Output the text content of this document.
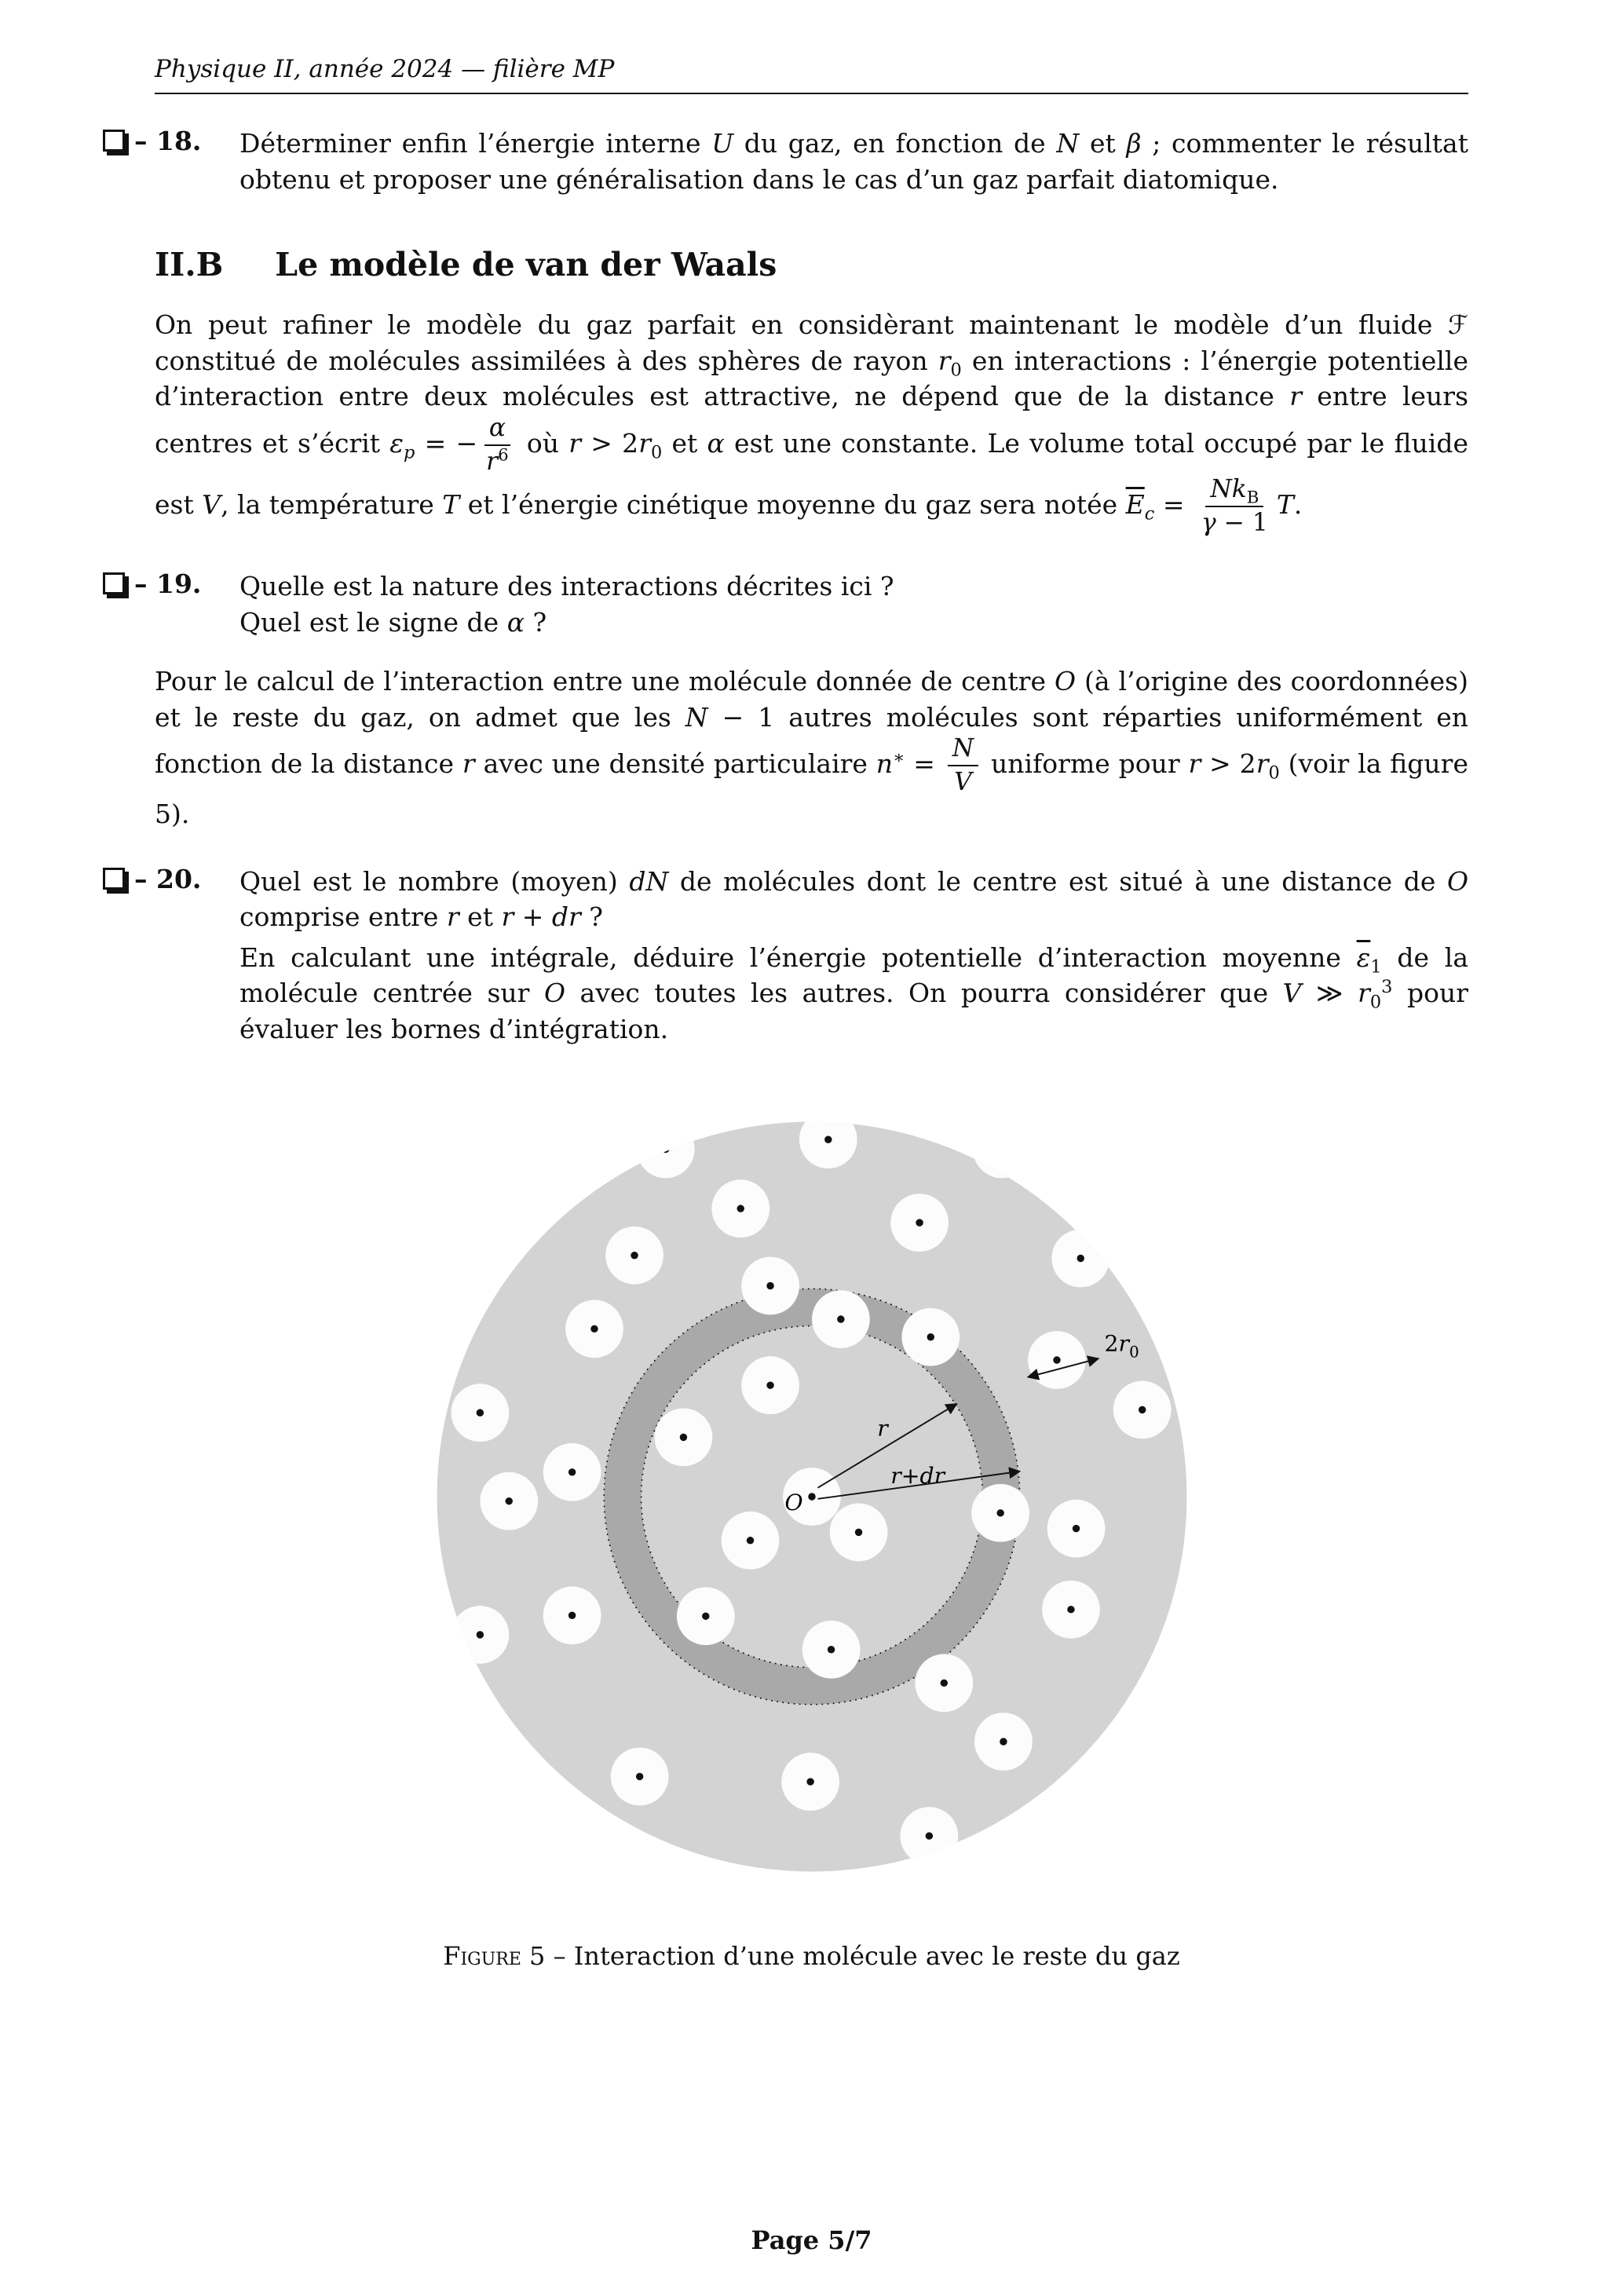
Physique II, année 2024 — filière MP
– 18.	Déterminer enfin l’énergie interne U du gaz, en fonction de N et β ; commenter le résultat obtenu et proposer une généralisation dans le cas d’un gaz parfait diatomique.
II.B Le modèle de van der Waals

On peut rafiner le modèle du gaz parfait en considèrant maintenant le modèle d’un fluide ℱ constitué de molécules assimilées à des sphères de rayon $r_0$ en interactions : l’énergie potentielle d’interaction entre deux molécules est attractive, ne dépend que de la distance r entre leurs centres et s’écrit $\varepsilon_p$ = − $\frac{\alpha}{r^6}$ où $r > 2r_0$ et α est une constante. Le volume total occupé par le fluide est V, la température T et l’énergie cinétique moyenne du gaz sera notée $\overline{E}_c = \frac{Nk_B}{\gamma - 1} T$.

– 19.	Quelle est la nature des interactions décrites ici ?
Quel est le signe de α ?

Pour le calcul de l’interaction entre une molécule donnée de centre O (à l’origine des coordonnées) et le reste du gaz, on admet que les N − 1 autres molécules sont réparties uniformément en fonction de la distance r avec une densité particulaire $n^∗ = \frac{N}{V}$ uniforme pour $r > 2r_0$ (voir la figure 5).

– 20.	Quel est le nombre (moyen) dN de molécules dont le centre est situé à une distance de O comprise entre r et r + dr ?
En calculant une intégrale, déduire l’énergie potentielle d’interaction moyenne $\overline{\varepsilon}_1$ de la molécule centrée sur O avec toutes les autres. On pourra considérer que V ≫ $r_0^3$ pour évaluer les bornes d’intégration.
r
r+dr
O
$2r_0$
Figure 5 – Interaction d’une molécule avec le reste du gaz
Page 5/7
